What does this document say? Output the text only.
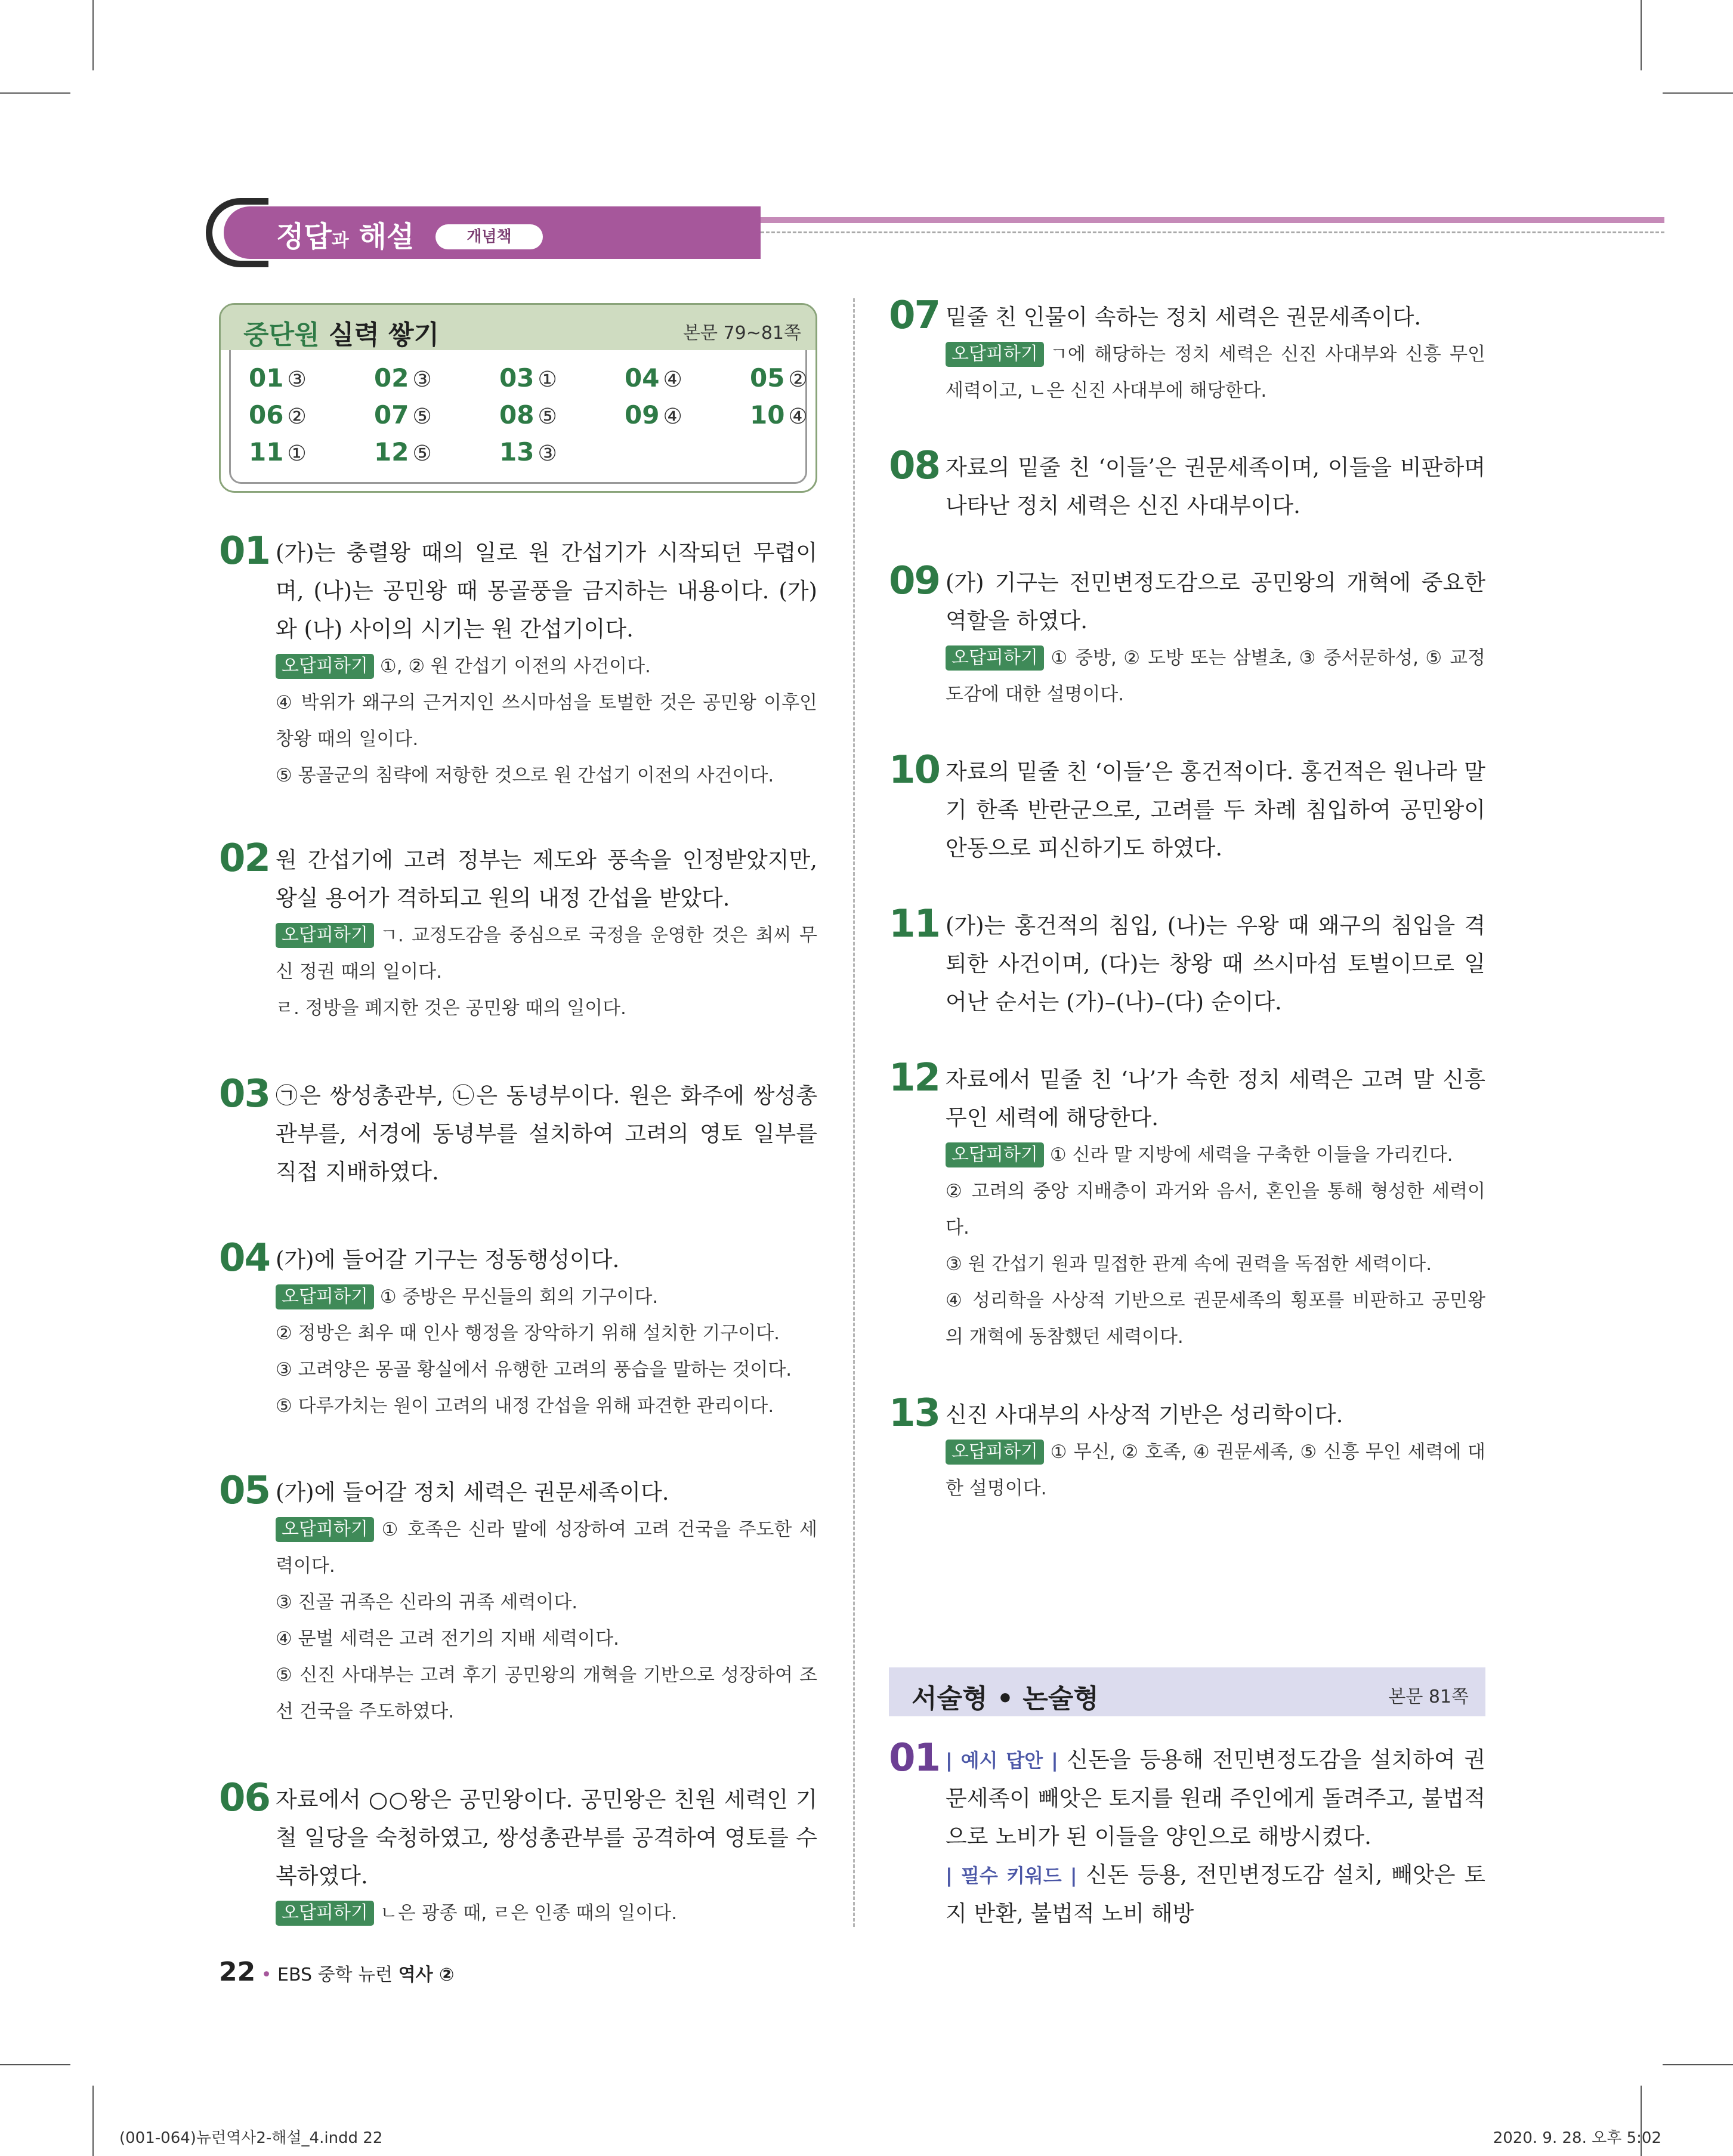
정답과 해설	개념책
중단원 실력 쌓기	본문 79~81쪽
01 ③	02 ③	03 ①	04 ④	05 ②
06 ②	07 ⑤	08 ⑤	09 ④	10 ④
11 ①	12 ⑤	13 ③
01 (가)는 충렬왕 때의 일로 원 간섭기가 시작되던 무렵이며, (나)는 공민왕 때 몽골풍을 금지하는 내용이다. (가)와 (나) 사이의 시기는 원 간섭기이다.

오답피하기 ①, ② 원 간섭기 이전의 사건이다.

④ 박위가 왜구의 근거지인 쓰시마섬을 토벌한 것은 공민왕 이후인 창왕 때의 일이다.

⑤ 몽골군의 침략에 저항한 것으로 원 간섭기 이전의 사건이다.

02 원 간섭기에 고려 정부는 제도와 풍속을 인정받았지만, 왕실 용어가 격하되고 원의 내정 간섭을 받았다.

오답피하기 ㄱ. 교정도감을 중심으로 국정을 운영한 것은 최씨 무신 정권 때의 일이다.

ㄹ. 정방을 폐지한 것은 공민왕 때의 일이다.

03 ㉠은 쌍성총관부, ㉡은 동녕부이다. 원은 화주에 쌍성총관부를, 서경에 동녕부를 설치하여 고려의 영토 일부를 직접 지배하였다.

04 (가)에 들어갈 기구는 정동행성이다.

오답피하기 ① 중방은 무신들의 회의 기구이다.

② 정방은 최우 때 인사 행정을 장악하기 위해 설치한 기구이다.

③ 고려양은 몽골 황실에서 유행한 고려의 풍습을 말하는 것이다.

⑤ 다루가치는 원이 고려의 내정 간섭을 위해 파견한 관리이다.

05 (가)에 들어갈 정치 세력은 권문세족이다.

오답피하기 ① 호족은 신라 말에 성장하여 고려 건국을 주도한 세력이다.

③ 진골 귀족은 신라의 귀족 세력이다.

④ 문벌 세력은 고려 전기의 지배 세력이다.

⑤ 신진 사대부는 고려 후기 공민왕의 개혁을 기반으로 성장하여 조선 건국을 주도하였다.

06 자료에서 ○○왕은 공민왕이다. 공민왕은 친원 세력인 기철 일당을 숙청하였고, 쌍성총관부를 공격하여 영토를 수복하였다.

오답피하기 ㄴ은 광종 때, ㄹ은 인종 때의 일이다.

07 밑줄 친 인물이 속하는 정치 세력은 권문세족이다.

오답피하기 ㄱ에 해당하는 정치 세력은 신진 사대부와 신흥 무인 세력이고, ㄴ은 신진 사대부에 해당한다.

08 자료의 밑줄 친 ‘이들’은 권문세족이며, 이들을 비판하며 나타난 정치 세력은 신진 사대부이다.

09 (가) 기구는 전민변정도감으로 공민왕의 개혁에 중요한 역할을 하였다.

오답피하기 ① 중방, ② 도방 또는 삼별초, ③ 중서문하성, ⑤ 교정도감에 대한 설명이다.

10 자료의 밑줄 친 ‘이들’은 홍건적이다. 홍건적은 원나라 말기 한족 반란군으로, 고려를 두 차례 침입하여 공민왕이 안동으로 피신하기도 하였다.

11 (가)는 홍건적의 침입, (나)는 우왕 때 왜구의 침입을 격퇴한 사건이며, (다)는 창왕 때 쓰시마섬 토벌이므로 일어난 순서는 (가)–(나)–(다) 순이다.

12 자료에서 밑줄 친 ‘나’가 속한 정치 세력은 고려 말 신흥 무인 세력에 해당한다.

오답피하기 ① 신라 말 지방에 세력을 구축한 이들을 가리킨다.

② 고려의 중앙 지배층이 과거와 음서, 혼인을 통해 형성한 세력이다.

③ 원 간섭기 원과 밀접한 관계 속에 권력을 독점한 세력이다.

④ 성리학을 사상적 기반으로 권문세족의 횡포를 비판하고 공민왕의 개혁에 동참했던 세력이다.

13 신진 사대부의 사상적 기반은 성리학이다.

오답피하기 ① 무신, ② 호족, ④ 권문세족, ⑤ 신흥 무인 세력에 대한 설명이다.

서술형 • 논술형	본문 81쪽
01 | 예시 답안 | 신돈을 등용해 전민변정도감을 설치하여 권문세족이 빼앗은 토지를 원래 주인에게 돌려주고, 불법적으로 노비가 된 이들을 양인으로 해방시켰다.

| 필수 키워드 | 신돈 등용, 전민변정도감 설치, 빼앗은 토지 반환, 불법적 노비 해방

22 • EBS 중학 뉴런 역사 ②
(001-064)뉴런역사2-해설_4.indd 22	2020. 9. 28. 오후 5:02
